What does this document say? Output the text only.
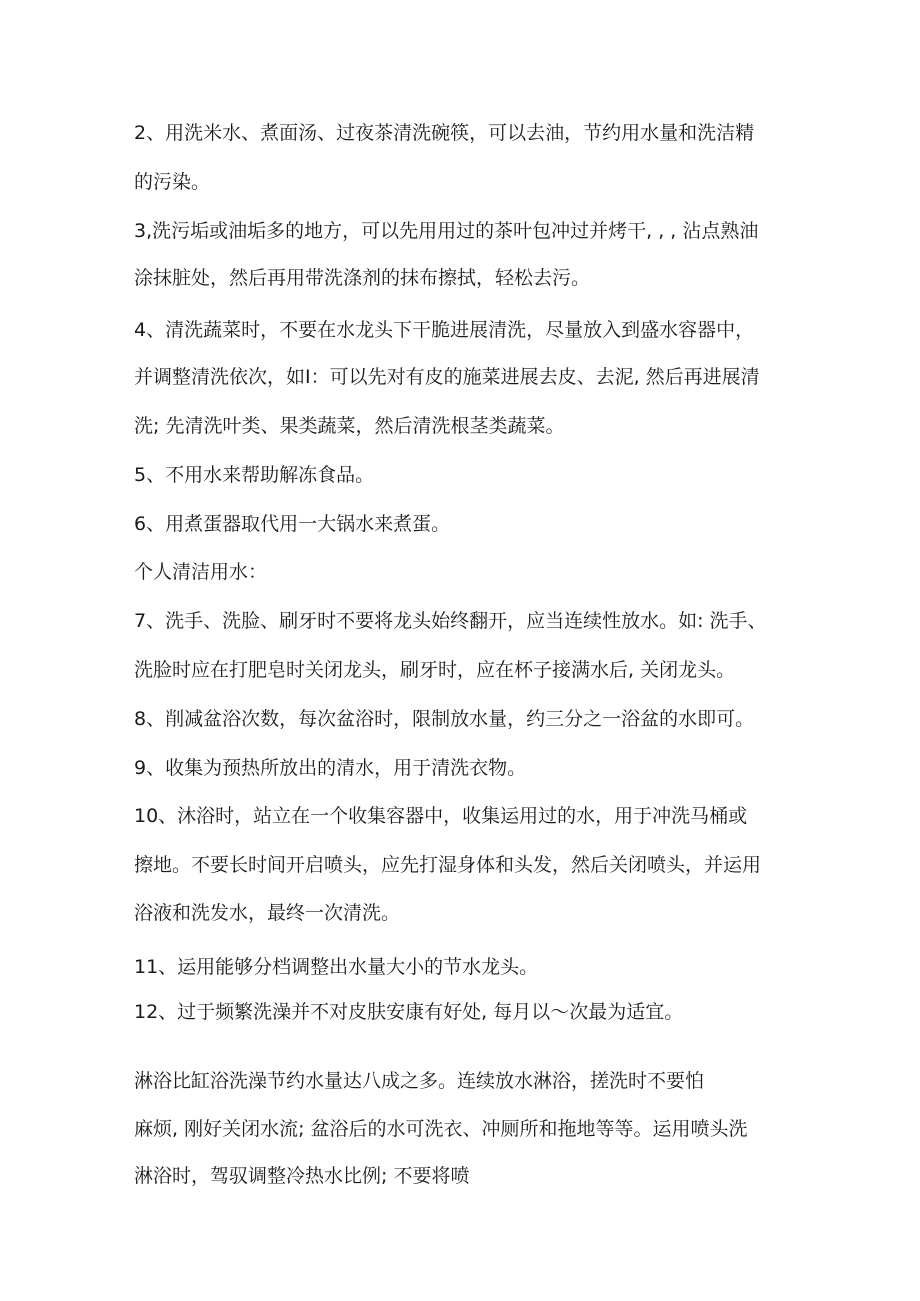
2、用洗米水、煮面汤、过夜茶清洗碗筷，可以去油，节约用水量和洗洁精

的污染。

3,洗污垢或油垢多的地方，可以先用用过的茶叶包冲过并烤干, , , 沾点熟油

涂抹脏处，然后再用带洗涤剂的抹布擦拭，轻松去污。

4、清洗蔬菜时，不要在水龙头下干脆进展清洗，尽量放入到盛水容器中，

并调整清洗依次，如I：可以先对有皮的施菜进展去皮、去泥, 然后再进展清

洗; 先清洗叶类、果类蔬菜，然后清洗根茎类蔬菜。

5、不用水来帮助解冻食品。

6、用煮蛋器取代用一大锅水来煮蛋。

个人清洁用水：

7、洗手、洗脸、刷牙时不要将龙头始终翻开，应当连续性放水。如: 洗手、

洗脸时应在打肥皂时关闭龙头，刷牙时，应在杯子接满水后, 关闭龙头。

8、削减盆浴次数，每次盆浴时，限制放水量，约三分之一浴盆的水即可。

9、收集为预热所放出的清水，用于清洗衣物。

10、沐浴时，站立在一个收集容器中，收集运用过的水，用于冲洗马桶或

擦地。不要长时间开启喷头，应先打湿身体和头发，然后关闭喷头，并运用

浴液和洗发水，最终一次清洗。

11、运用能够分档调整出水量大小的节水龙头。

12、过于频繁洗澡并不对皮肤安康有好处, 每月以～次最为适宜。

淋浴比缸浴洗澡节约水量达八成之多。连续放水淋浴，搓洗时不要怕

麻烦, 刚好关闭水流; 盆浴后的水可洗衣、冲厕所和拖地等等。运用喷头洗

淋浴时，驾驭调整冷热水比例; 不要将喷
